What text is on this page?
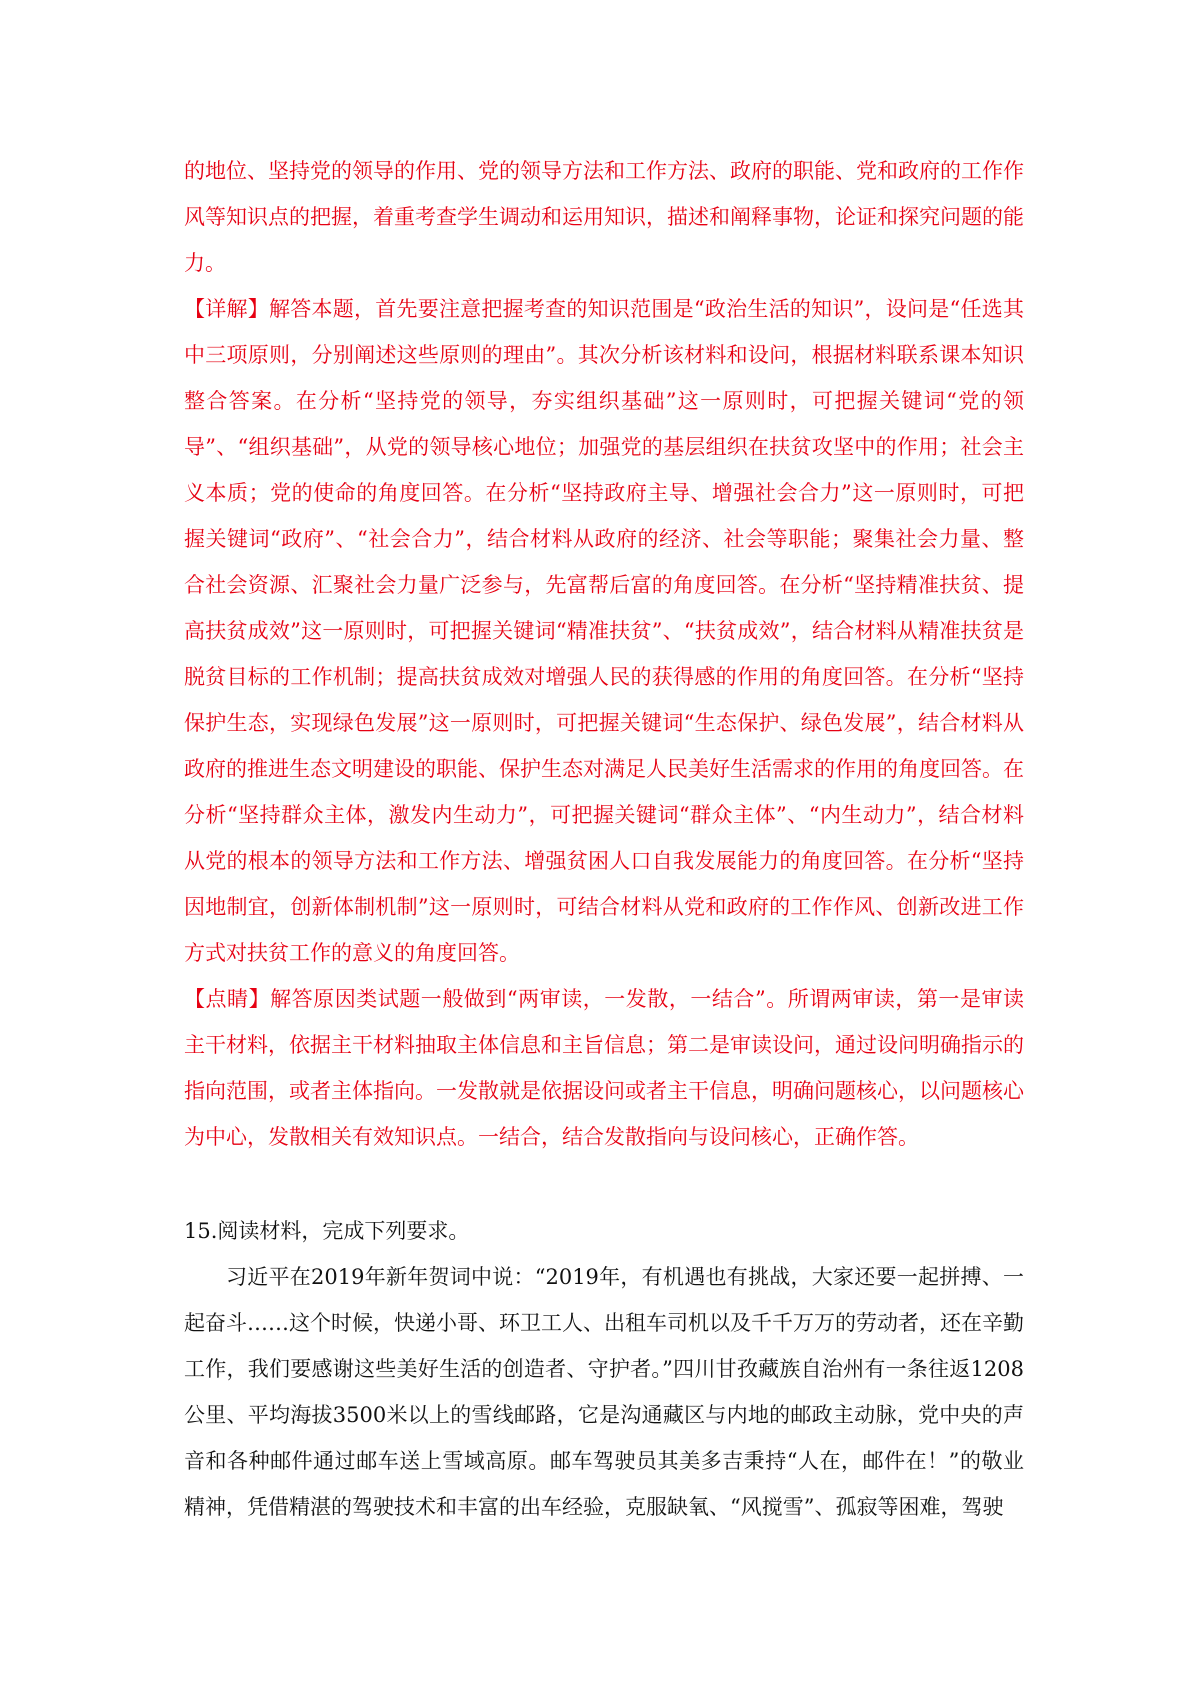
的地位、坚持党的领导的作用、党的领导方法和工作方法、政府的职能、党和政府的工作作风等知识点的把握，着重考查学生调动和运用知识，描述和阐释事物，论证和探究问题的能力。

【详解】解答本题，首先要注意把握考查的知识范围是“政治生活的知识”，设问是“任选其中三项原则，分别阐述这些原则的理由”。其次分析该材料和设问，根据材料联系课本知识整合答案。在分析“坚持党的领导，夯实组织基础”这一原则时，可把握关键词“党的领导”、“组织基础”，从党的领导核心地位；加强党的基层组织在扶贫攻坚中的作用；社会主义本质；党的使命的角度回答。在分析“坚持政府主导、增强社会合力”这一原则时，可把握关键词“政府”、“社会合力”，结合材料从政府的经济、社会等职能；聚集社会力量、整合社会资源、汇聚社会力量广泛参与，先富帮后富的角度回答。在分析“坚持精准扶贫、提高扶贫成效”这一原则时，可把握关键词“精准扶贫”、“扶贫成效”，结合材料从精准扶贫是脱贫目标的工作机制；提高扶贫成效对增强人民的获得感的作用的角度回答。在分析“坚持保护生态，实现绿色发展”这一原则时，可把握关键词“生态保护、绿色发展”，结合材料从政府的推进生态文明建设的职能、保护生态对满足人民美好生活需求的作用的角度回答。在分析“坚持群众主体，激发内生动力”，可把握关键词“群众主体”、“内生动力”，结合材料从党的根本的领导方法和工作方法、增强贫困人口自我发展能力的角度回答。在分析“坚持因地制宜，创新体制机制”这一原则时，可结合材料从党和政府的工作作风、创新改进工作方式对扶贫工作的意义的角度回答。

【点睛】解答原因类试题一般做到“两审读，一发散，一结合”。所谓两审读，第一是审读主干材料，依据主干材料抽取主体信息和主旨信息；第二是审读设问，通过设问明确指示的指向范围，或者主体指向。一发散就是依据设问或者主干信息，明确问题核心，以问题核心为中心，发散相关有效知识点。一结合，结合发散指向与设问核心，正确作答。

15.阅读材料，完成下列要求。

习近平在2019年新年贺词中说：“2019年，有机遇也有挑战，大家还要一起拼搏、一起奋斗……这个时候，快递小哥、环卫工人、出租车司机以及千千万万的劳动者，还在辛勤工作，我们要感谢这些美好生活的创造者、守护者。”四川甘孜藏族自治州有一条往返1208公里、平均海拔3500米以上的雪线邮路，它是沟通藏区与内地的邮政主动脉，党中央的声音和各种邮件通过邮车送上雪域高原。邮车驾驶员其美多吉秉持“人在，邮件在！”的敬业精神，凭借精湛的驾驶技术和丰富的出车经验，克服缺氧、“风搅雪”、孤寂等困难，驾驶
